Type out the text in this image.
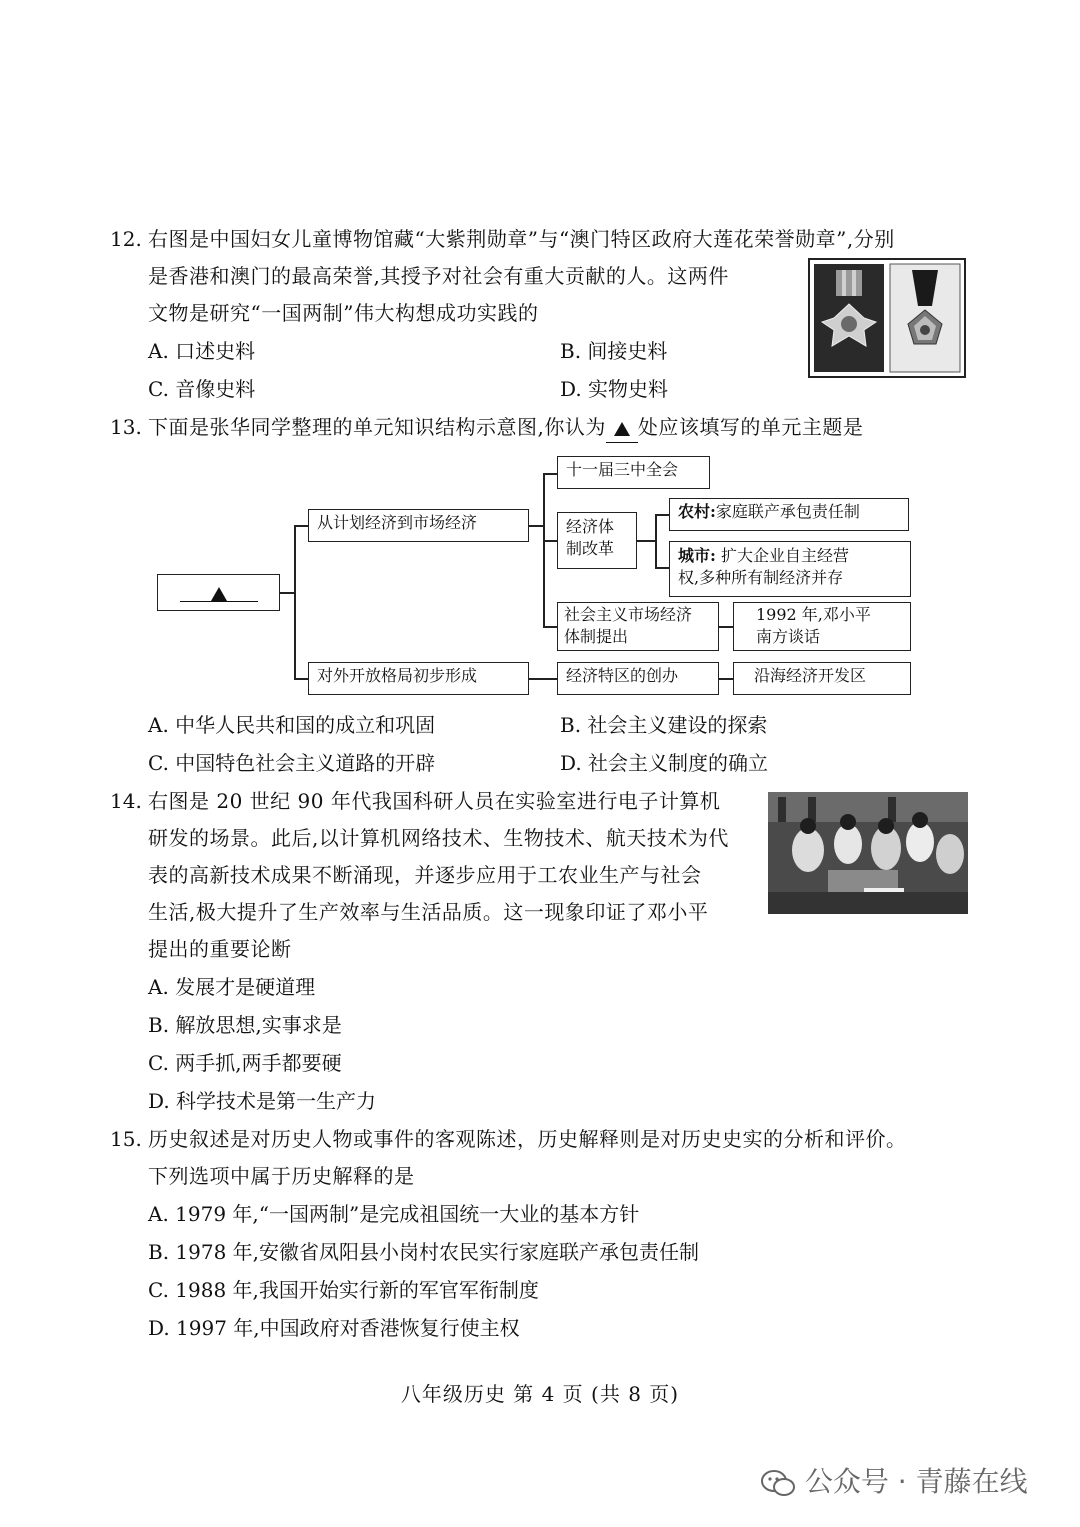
12. 右图是中国妇女儿童博物馆藏“大紫荆勋章”与“澳门特区政府大莲花荣誉勋章”,分别
是香港和澳门的最高荣誉,其授予对社会有重大贡献的人。这两件
文物是研究“一国两制”伟大构想成功实践的
A. 口述史料	B. 间接史料
C. 音像史料	D. 实物史料
13. 下面是张华同学整理的单元知识结构示意图,你认为 处应该填写的单元主题是
从计划经济到市场经济
十一届三中全会
经济体
制改革
农村:家庭联产承包责任制
城市: 扩大企业自主经营
权,多种所有制经济并存
社会主义市场经济
体制提出
1992 年,邓小平
南方谈话
对外开放格局初步形成	经济特区的创办	沿海经济开发区
A. 中华人民共和国的成立和巩固	B. 社会主义建设的探索
C. 中国特色社会主义道路的开辟	D. 社会主义制度的确立
14. 右图是 20 世纪 90 年代我国科研人员在实验室进行电子计算机
研发的场景。此后,以计算机网络技术、生物技术、航天技术为代
表的高新技术成果不断涌现，并逐步应用于工农业生产与社会
生活,极大提升了生产效率与生活品质。这一现象印证了邓小平
提出的重要论断
A. 发展才是硬道理
B. 解放思想,实事求是
C. 两手抓,两手都要硬
D. 科学技术是第一生产力
15. 历史叙述是对历史人物或事件的客观陈述，历史解释则是对历史史实的分析和评价。
下列选项中属于历史解释的是
A. 1979 年,“一国两制”是完成祖国统一大业的基本方针
B. 1978 年,安徽省凤阳县小岗村农民实行家庭联产承包责任制
C. 1988 年,我国开始实行新的军官军衔制度
D. 1997 年,中国政府对香港恢复行使主权
八年级历史 第 4 页 (共 8 页)
公众号 · 青藤在线
